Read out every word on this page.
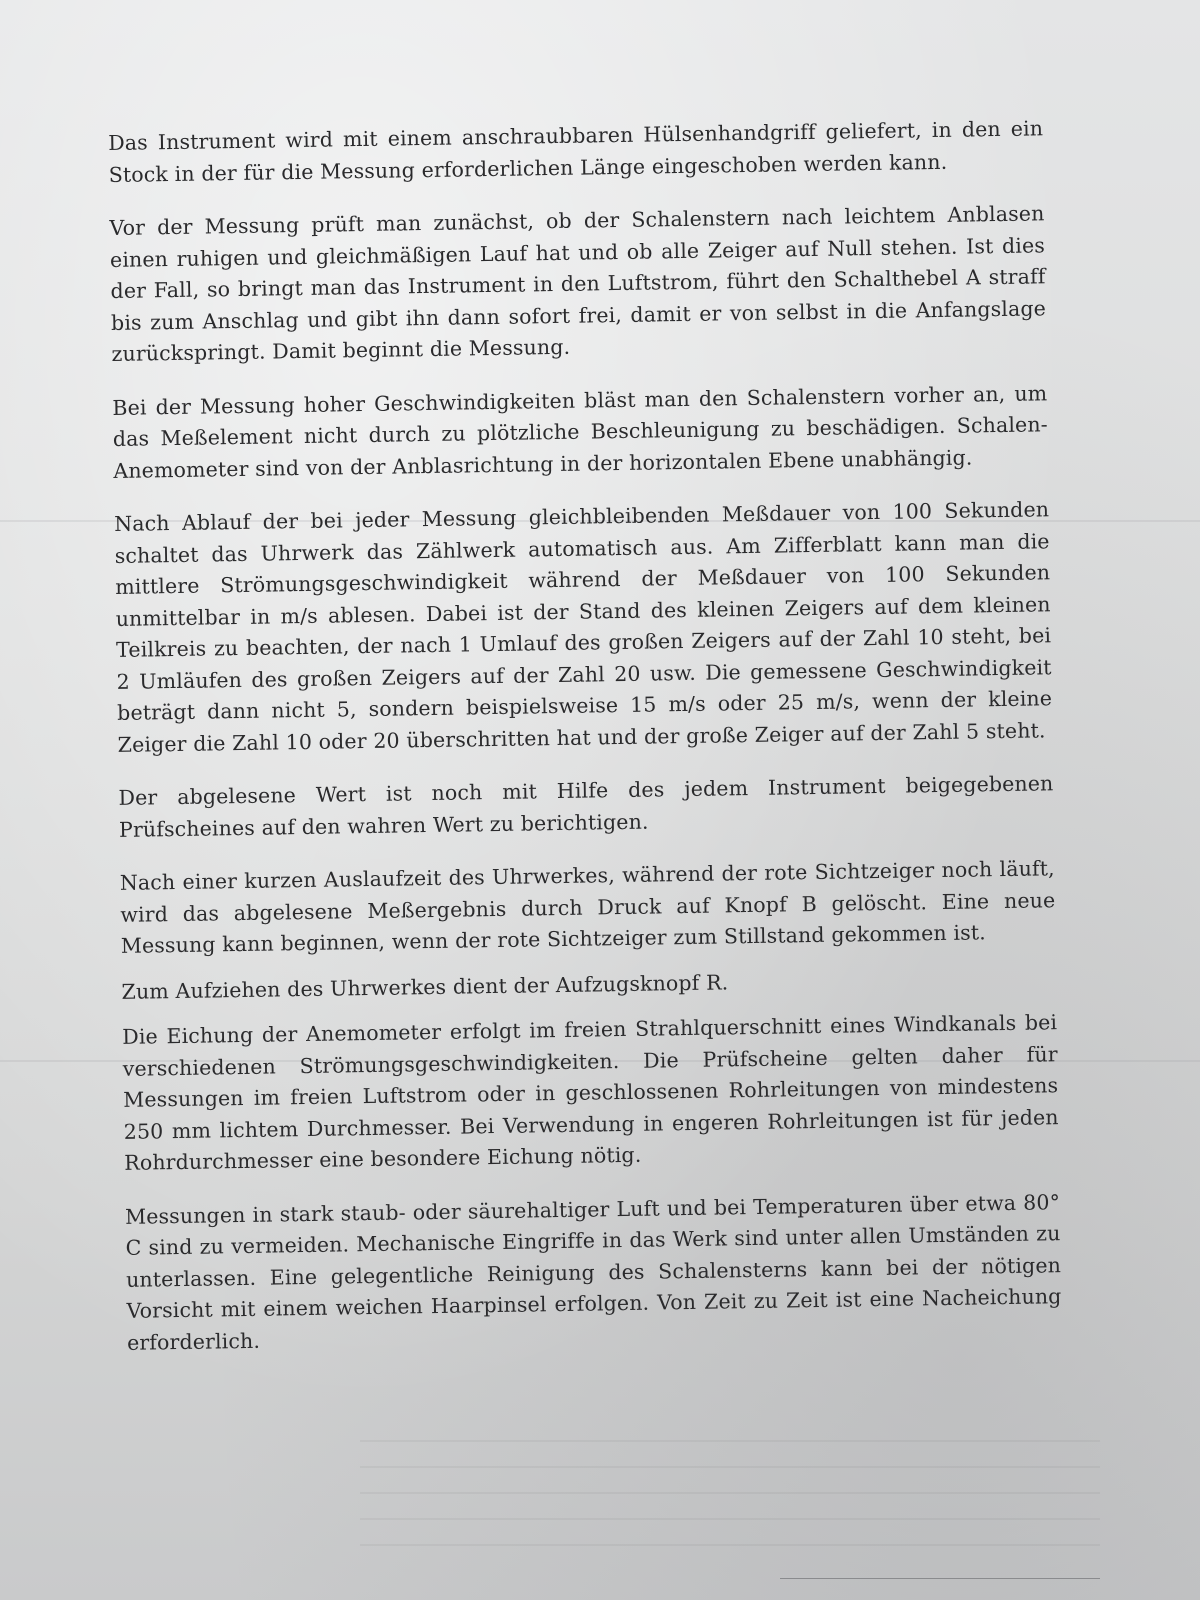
Das Instrument wird mit einem anschraubbaren Hülsenhandgriff geliefert, in den ein Stock in der für die Messung erforderlichen Länge eingeschoben werden kann.

Vor der Messung prüft man zunächst, ob der Schalenstern nach leichtem Anblasen einen ruhigen und gleichmäßigen Lauf hat und ob alle Zeiger auf Null stehen. Ist dies der Fall, so bringt man das Instrument in den Luftstrom, führt den Schalthebel A straff bis zum Anschlag und gibt ihn dann sofort frei, damit er von selbst in die Anfangslage zurückspringt. Damit beginnt die Messung.

Bei der Messung hoher Geschwindigkeiten bläst man den Schalenstern vorher an, um das Meßelement nicht durch zu plötzliche Beschleunigung zu beschädigen. Schalen-Anemometer sind von der Anblasrichtung in der horizontalen Ebene unabhängig.

Nach Ablauf der bei jeder Messung gleichbleibenden Meßdauer von 100 Sekunden schaltet das Uhrwerk das Zählwerk automatisch aus. Am Zifferblatt kann man die mittlere Strömungsgeschwindigkeit während der Meßdauer von 100 Sekunden unmittelbar in m/s ablesen. Dabei ist der Stand des kleinen Zeigers auf dem kleinen Teilkreis zu beachten, der nach 1 Umlauf des großen Zeigers auf der Zahl 10 steht, bei 2 Umläufen des großen Zeigers auf der Zahl 20 usw. Die gemessene Geschwindigkeit beträgt dann nicht 5, sondern beispielsweise 15 m/s oder 25 m/s, wenn der kleine Zeiger die Zahl 10 oder 20 überschritten hat und der große Zeiger auf der Zahl 5 steht.

Der abgelesene Wert ist noch mit Hilfe des jedem Instrument beigegebenen Prüfscheines auf den wahren Wert zu berichtigen.

Nach einer kurzen Auslaufzeit des Uhrwerkes, während der rote Sichtzeiger noch läuft, wird das abgelesene Meßergebnis durch Druck auf Knopf B gelöscht. Eine neue Messung kann beginnen, wenn der rote Sichtzeiger zum Stillstand gekommen ist.

Zum Aufziehen des Uhrwerkes dient der Aufzugsknopf R.

Die Eichung der Anemometer erfolgt im freien Strahlquerschnitt eines Windkanals bei verschiedenen Strömungsgeschwindigkeiten. Die Prüfscheine gelten daher für Messungen im freien Luftstrom oder in geschlossenen Rohrleitungen von mindestens 250 mm lichtem Durchmesser. Bei Verwendung in engeren Rohrleitungen ist für jeden Rohrdurchmesser eine besondere Eichung nötig.

Messungen in stark staub- oder säurehaltiger Luft und bei Temperaturen über etwa 80° C sind zu vermeiden. Mechanische Eingriffe in das Werk sind unter allen Umständen zu unterlassen. Eine gelegentliche Reinigung des Schalensterns kann bei der nötigen Vorsicht mit einem weichen Haarpinsel erfolgen. Von Zeit zu Zeit ist eine Nacheichung erforderlich.
